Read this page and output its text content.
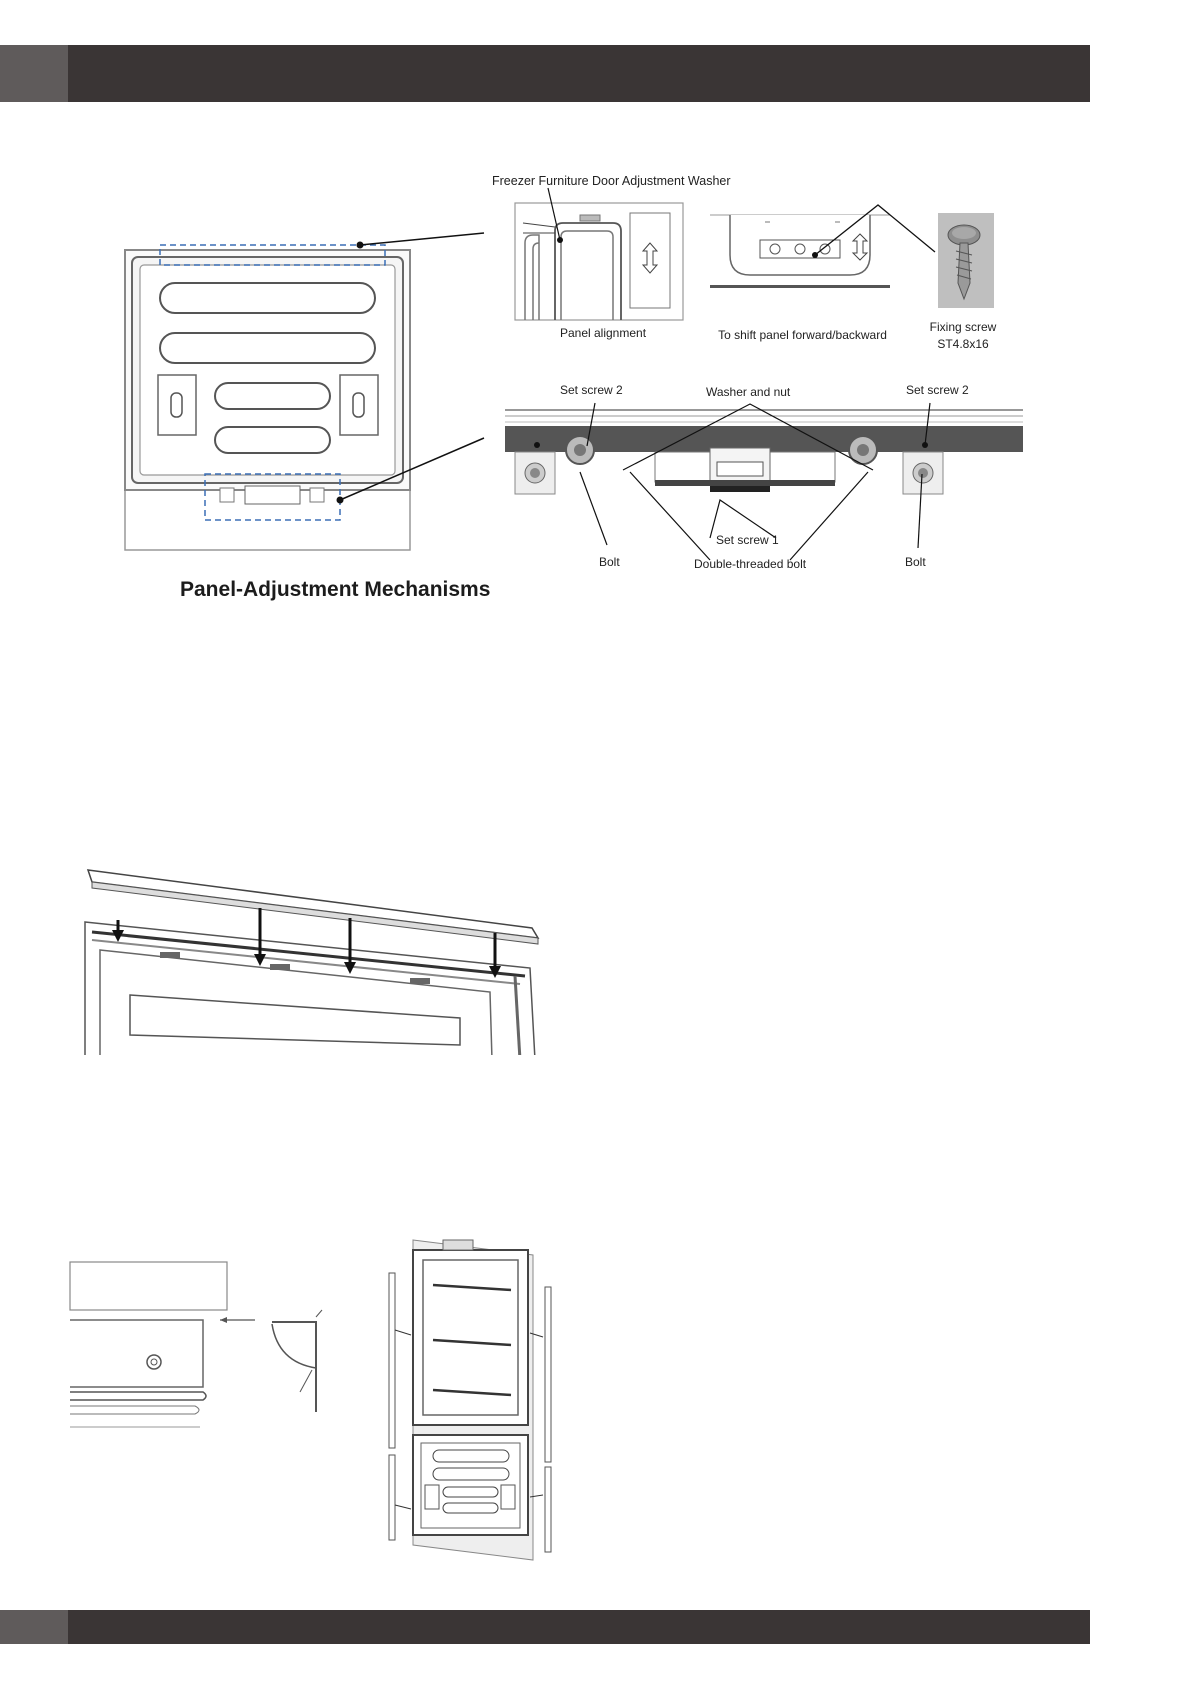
Freezer Furniture Door Adjustment Washer
Panel alignment	To shift panel forward/backward
Fixing screw
ST4.8x16
Set screw 2	Washer and nut	Set screw 2
Set screw 1
Bolt	Double-threaded bolt	Bolt
Panel-Adjustment Mechanisms
